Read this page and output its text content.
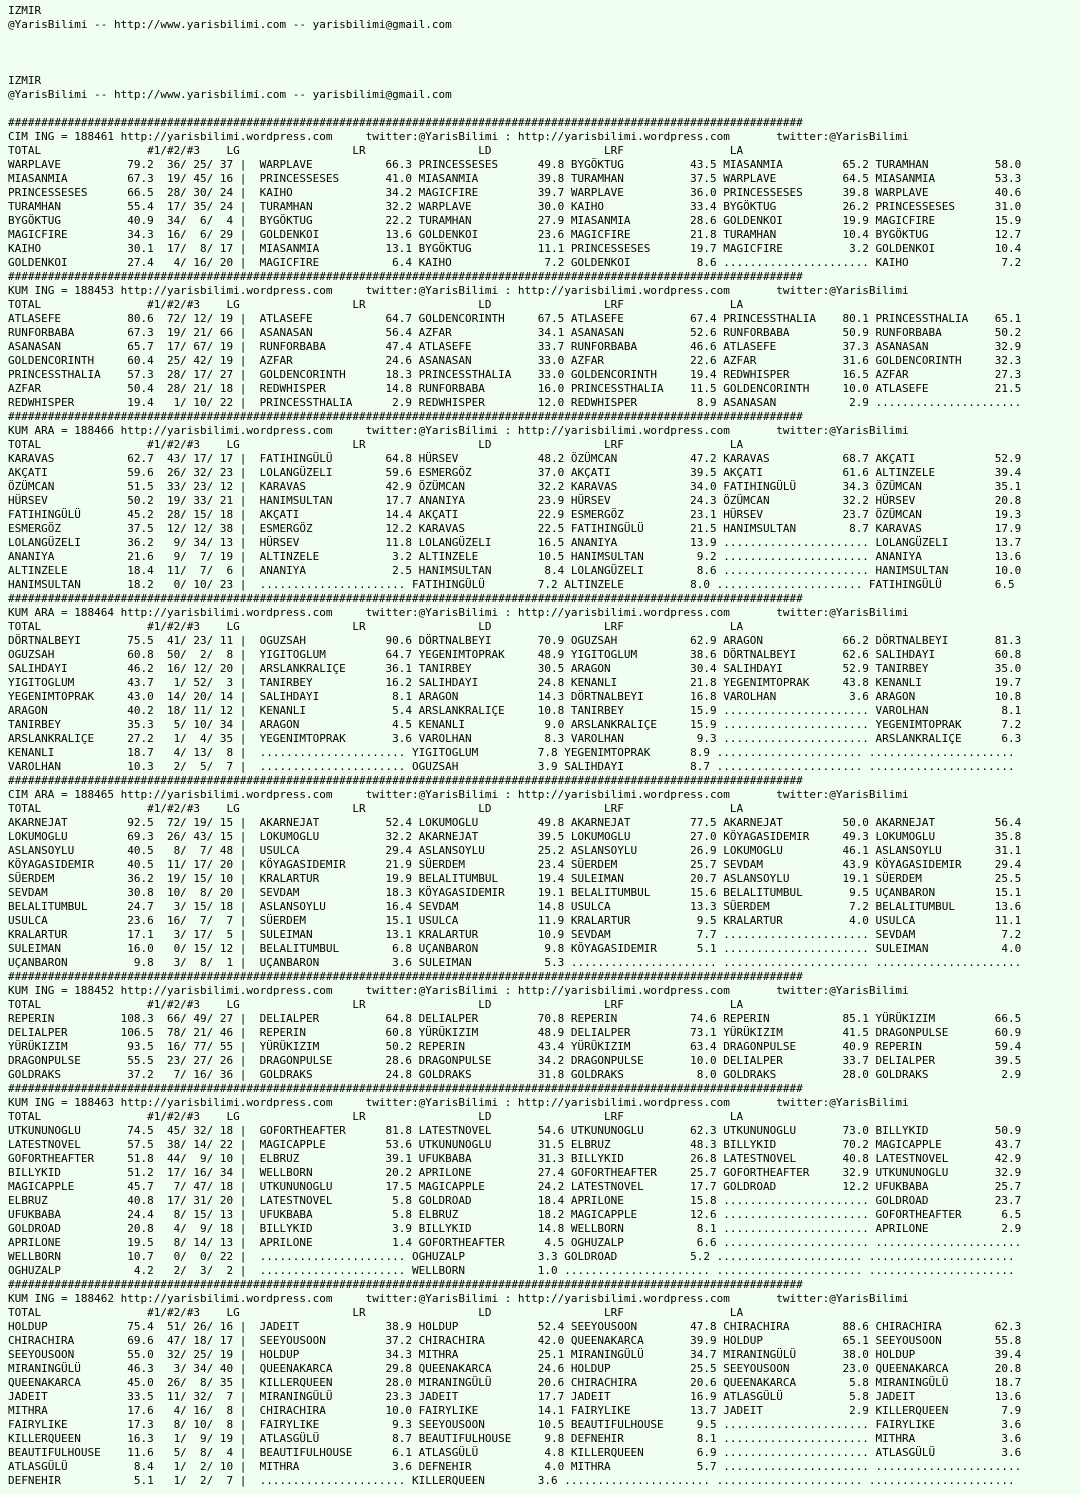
IZMIR
@YarisBilimi -- http://www.yarisbilimi.com -- yarisbilimi@gmail.com
IZMIR
@YarisBilimi -- http://www.yarisbilimi.com -- yarisbilimi@gmail.com
########################################################################################################################
CIM ING = 188461 http://yarisbilimi.wordpress.com     twitter:@YarisBilimi : http://yarisbilimi.wordpress.com       twitter:@YarisBilimi
TOTAL                #1/#2/#3    LG                 LR                 LD                 LRF                LA
WARPLAVE          79.2  36/ 25/ 37 |  WARPLAVE           66.3 PRINCESSESES      49.8 BYGÖKTUG          43.5 MIASANMIA         65.2 TURAMHAN          58.0
MIASANMIA         67.3  19/ 45/ 16 |  PRINCESSESES       41.0 MIASANMIA         39.8 TURAMHAN          37.5 WARPLAVE          64.5 MIASANMIA         53.3
PRINCESSESES      66.5  28/ 30/ 24 |  KAIHO              34.2 MAGICFIRE         39.7 WARPLAVE          36.0 PRINCESSESES      39.8 WARPLAVE          40.6
TURAMHAN          55.4  17/ 35/ 24 |  TURAMHAN           32.2 WARPLAVE          30.0 KAIHO             33.4 BYGÖKTUG          26.2 PRINCESSESES      31.0
BYGÖKTUG          40.9  34/  6/  4 |  BYGÖKTUG           22.2 TURAMHAN          27.9 MIASANMIA         28.6 GOLDENKOI         19.9 MAGICFIRE         15.9
MAGICFIRE         34.3  16/  6/ 29 |  GOLDENKOI          13.6 GOLDENKOI         23.6 MAGICFIRE         21.8 TURAMHAN          10.4 BYGÖKTUG          12.7
KAIHO             30.1  17/  8/ 17 |  MIASANMIA          13.1 BYGÖKTUG          11.1 PRINCESSESES      19.7 MAGICFIRE          3.2 GOLDENKOI         10.4
GOLDENKOI         27.4   4/ 16/ 20 |  MAGICFIRE           6.4 KAIHO              7.2 GOLDENKOI          8.6 ...................... KAIHO              7.2
########################################################################################################################
KUM ING = 188453 http://yarisbilimi.wordpress.com     twitter:@YarisBilimi : http://yarisbilimi.wordpress.com       twitter:@YarisBilimi
TOTAL                #1/#2/#3    LG                 LR                 LD                 LRF                LA
ATLASEFE          80.6  72/ 12/ 19 |  ATLASEFE           64.7 GOLDENCORINTH     67.5 ATLASEFE          67.4 PRINCESSTHALIA    80.1 PRINCESSTHALIA    65.1
RUNFORBABA        67.3  19/ 21/ 66 |  ASANASAN           56.4 AZFAR             34.1 ASANASAN          52.6 RUNFORBABA        50.9 RUNFORBABA        50.2
ASANASAN          65.7  17/ 67/ 19 |  RUNFORBABA         47.4 ATLASEFE          33.7 RUNFORBABA        46.6 ATLASEFE          37.3 ASANASAN          32.9
GOLDENCORINTH     60.4  25/ 42/ 19 |  AZFAR              24.6 ASANASAN          33.0 AZFAR             22.6 AZFAR             31.6 GOLDENCORINTH     32.3
PRINCESSTHALIA    57.3  28/ 17/ 27 |  GOLDENCORINTH      18.3 PRINCESSTHALIA    33.0 GOLDENCORINTH     19.4 REDWHISPER        16.5 AZFAR             27.3
AZFAR             50.4  28/ 21/ 18 |  REDWHISPER         14.8 RUNFORBABA        16.0 PRINCESSTHALIA    11.5 GOLDENCORINTH     10.0 ATLASEFE          21.5
REDWHISPER        19.4   1/ 10/ 22 |  PRINCESSTHALIA      2.9 REDWHISPER        12.0 REDWHISPER         8.9 ASANASAN           2.9 ......................
########################################################################################################################
KUM ARA = 188466 http://yarisbilimi.wordpress.com     twitter:@YarisBilimi : http://yarisbilimi.wordpress.com       twitter:@YarisBilimi
TOTAL                #1/#2/#3    LG                 LR                 LD                 LRF                LA
KARAVAS           62.7  43/ 17/ 17 |  FATIHINGÜLÜ        64.8 HÜRSEV            48.2 ÖZÜMCAN           47.2 KARAVAS           68.7 AKÇATI            52.9
AKÇATI            59.6  26/ 32/ 23 |  LOLANGÜZELI        59.6 ESMERGÖZ          37.0 AKÇATI            39.5 AKÇATI            61.6 ALTINZELE         39.4
ÖZÜMCAN           51.5  33/ 23/ 12 |  KARAVAS            42.9 ÖZÜMCAN           32.2 KARAVAS           34.0 FATIHINGÜLÜ       34.3 ÖZÜMCAN           35.1
HÜRSEV            50.2  19/ 33/ 21 |  HANIMSULTAN        17.7 ANANIYA           23.9 HÜRSEV            24.3 ÖZÜMCAN           32.2 HÜRSEV            20.8
FATIHINGÜLÜ       45.2  28/ 15/ 18 |  AKÇATI             14.4 AKÇATI            22.9 ESMERGÖZ          23.1 HÜRSEV            23.7 ÖZÜMCAN           19.3
ESMERGÖZ          37.5  12/ 12/ 38 |  ESMERGÖZ           12.2 KARAVAS           22.5 FATIHINGÜLÜ       21.5 HANIMSULTAN        8.7 KARAVAS           17.9
LOLANGÜZELI       36.2   9/ 34/ 13 |  HÜRSEV             11.8 LOLANGÜZELI       16.5 ANANIYA           13.9 ...................... LOLANGÜZELI       13.7
ANANIYA           21.6   9/  7/ 19 |  ALTINZELE           3.2 ALTINZELE         10.5 HANIMSULTAN        9.2 ...................... ANANIYA           13.6
ALTINZELE         18.4  11/  7/  6 |  ANANIYA             2.5 HANIMSULTAN        8.4 LOLANGÜZELI        8.6 ...................... HANIMSULTAN       10.0
HANIMSULTAN       18.2   0/ 10/ 23 |  ...................... FATIHINGÜLÜ        7.2 ALTINZELE          8.0 ...................... FATIHINGÜLÜ        6.5
########################################################################################################################
KUM ARA = 188464 http://yarisbilimi.wordpress.com     twitter:@YarisBilimi : http://yarisbilimi.wordpress.com       twitter:@YarisBilimi
TOTAL                #1/#2/#3    LG                 LR                 LD                 LRF                LA
DÖRTNALBEYI       75.5  41/ 23/ 11 |  OGUZSAH            90.6 DÖRTNALBEYI       70.9 OGUZSAH           62.9 ARAGON            66.2 DÖRTNALBEYI       81.3
OGUZSAH           60.8  50/  2/  8 |  YIGITOGLUM         64.7 YEGENIMTOPRAK     48.9 YIGITOGLUM        38.6 DÖRTNALBEYI       62.6 SALIHDAYI         60.8
SALIHDAYI         46.2  16/ 12/ 20 |  ARSLANKRALIÇE      36.1 TANIRBEY          30.5 ARAGON            30.4 SALIHDAYI         52.9 TANIRBEY          35.0
YIGITOGLUM        43.7   1/ 52/  3 |  TANIRBEY           16.2 SALIHDAYI         24.8 KENANLI           21.8 YEGENIMTOPRAK     43.8 KENANLI           19.7
YEGENIMTOPRAK     43.0  14/ 20/ 14 |  SALIHDAYI           8.1 ARAGON            14.3 DÖRTNALBEYI       16.8 VAROLHAN           3.6 ARAGON            10.8
ARAGON            40.2  18/ 11/ 12 |  KENANLI             5.4 ARSLANKRALIÇE     10.8 TANIRBEY          15.9 ...................... VAROLHAN           8.1
TANIRBEY          35.3   5/ 10/ 34 |  ARAGON              4.5 KENANLI            9.0 ARSLANKRALIÇE     15.9 ...................... YEGENIMTOPRAK      7.2
ARSLANKRALIÇE     27.2   1/  4/ 35 |  YEGENIMTOPRAK       3.6 VAROLHAN           8.3 VAROLHAN           9.3 ...................... ARSLANKRALIÇE      6.3
KENANLI           18.7   4/ 13/  8 |  ...................... YIGITOGLUM         7.8 YEGENIMTOPRAK      8.9 ...................... ......................
VAROLHAN          10.3   2/  5/  7 |  ...................... OGUZSAH            3.9 SALIHDAYI          8.7 ...................... ......................
########################################################################################################################
CIM ARA = 188465 http://yarisbilimi.wordpress.com     twitter:@YarisBilimi : http://yarisbilimi.wordpress.com       twitter:@YarisBilimi
TOTAL                #1/#2/#3    LG                 LR                 LD                 LRF                LA
AKARNEJAT         92.5  72/ 19/ 15 |  AKARNEJAT          52.4 LOKUMOGLU         49.8 AKARNEJAT         77.5 AKARNEJAT         50.0 AKARNEJAT         56.4
LOKUMOGLU         69.3  26/ 43/ 15 |  LOKUMOGLU          32.2 AKARNEJAT         39.5 LOKUMOGLU         27.0 KÖYAGASIDEMIR     49.3 LOKUMOGLU         35.8
ASLANSOYLU        40.5   8/  7/ 48 |  USULCA             29.4 ASLANSOYLU        25.2 ASLANSOYLU        26.9 LOKUMOGLU         46.1 ASLANSOYLU        31.1
KÖYAGASIDEMIR     40.5  11/ 17/ 20 |  KÖYAGASIDEMIR      21.9 SÜERDEM           23.4 SÜERDEM           25.7 SEVDAM            43.9 KÖYAGASIDEMIR     29.4
SÜERDEM           36.2  19/ 15/ 10 |  KRALARTUR          19.9 BELALITUMBUL      19.4 SULEIMAN          20.7 ASLANSOYLU        19.1 SÜERDEM           25.5
SEVDAM            30.8  10/  8/ 20 |  SEVDAM             18.3 KÖYAGASIDEMIR     19.1 BELALITUMBUL      15.6 BELALITUMBUL       9.5 UÇANBARON         15.1
BELALITUMBUL      24.7   3/ 15/ 18 |  ASLANSOYLU         16.4 SEVDAM            14.8 USULCA            13.3 SÜERDEM            7.2 BELALITUMBUL      13.6
USULCA            23.6  16/  7/  7 |  SÜERDEM            15.1 USULCA            11.9 KRALARTUR          9.5 KRALARTUR          4.0 USULCA            11.1
KRALARTUR         17.1   3/ 17/  5 |  SULEIMAN           13.1 KRALARTUR         10.9 SEVDAM             7.7 ...................... SEVDAM             7.2
SULEIMAN          16.0   0/ 15/ 12 |  BELALITUMBUL        6.8 UÇANBARON          9.8 KÖYAGASIDEMIR      5.1 ...................... SULEIMAN           4.0
UÇANBARON          9.8   3/  8/  1 |  UÇANBARON           3.6 SULEIMAN           5.3 ...................... ...................... ......................
########################################################################################################################
KUM ING = 188452 http://yarisbilimi.wordpress.com     twitter:@YarisBilimi : http://yarisbilimi.wordpress.com       twitter:@YarisBilimi
TOTAL                #1/#2/#3    LG                 LR                 LD                 LRF                LA
REPERIN          108.3  66/ 49/ 27 |  DELIALPER          64.8 DELIALPER         70.8 REPERIN           74.6 REPERIN           85.1 YÜRÜKIZIM         66.5
DELIALPER        106.5  78/ 21/ 46 |  REPERIN            60.8 YÜRÜKIZIM         48.9 DELIALPER         73.1 YÜRÜKIZIM         41.5 DRAGONPULSE       60.9
YÜRÜKIZIM         93.5  16/ 77/ 55 |  YÜRÜKIZIM          50.2 REPERIN           43.4 YÜRÜKIZIM         63.4 DRAGONPULSE       40.9 REPERIN           59.4
DRAGONPULSE       55.5  23/ 27/ 26 |  DRAGONPULSE        28.6 DRAGONPULSE       34.2 DRAGONPULSE       10.0 DELIALPER         33.7 DELIALPER         39.5
GOLDRAKS          37.2   7/ 16/ 36 |  GOLDRAKS           24.8 GOLDRAKS          31.8 GOLDRAKS           8.0 GOLDRAKS          28.0 GOLDRAKS           2.9
########################################################################################################################
KUM ING = 188463 http://yarisbilimi.wordpress.com     twitter:@YarisBilimi : http://yarisbilimi.wordpress.com       twitter:@YarisBilimi
TOTAL                #1/#2/#3    LG                 LR                 LD                 LRF                LA
UTKUNUNOGLU       74.5  45/ 32/ 18 |  GOFORTHEAFTER      81.8 LATESTNOVEL       54.6 UTKUNUNOGLU       62.3 UTKUNUNOGLU       73.0 BILLYKID          50.9
LATESTNOVEL       57.5  38/ 14/ 22 |  MAGICAPPLE         53.6 UTKUNUNOGLU       31.5 ELBRUZ            48.3 BILLYKID          70.2 MAGICAPPLE        43.7
GOFORTHEAFTER     51.8  44/  9/ 10 |  ELBRUZ             39.1 UFUKBABA          31.3 BILLYKID          26.8 LATESTNOVEL       40.8 LATESTNOVEL       42.9
BILLYKID          51.2  17/ 16/ 34 |  WELLBORN           20.2 APRILONE          27.4 GOFORTHEAFTER     25.7 GOFORTHEAFTER     32.9 UTKUNUNOGLU       32.9
MAGICAPPLE        45.7   7/ 47/ 18 |  UTKUNUNOGLU        17.5 MAGICAPPLE        24.2 LATESTNOVEL       17.7 GOLDROAD          12.2 UFUKBABA          25.7
ELBRUZ            40.8  17/ 31/ 20 |  LATESTNOVEL         5.8 GOLDROAD          18.4 APRILONE          15.8 ...................... GOLDROAD          23.7
UFUKBABA          24.4   8/ 15/ 13 |  UFUKBABA            5.8 ELBRUZ            18.2 MAGICAPPLE        12.6 ...................... GOFORTHEAFTER      6.5
GOLDROAD          20.8   4/  9/ 18 |  BILLYKID            3.9 BILLYKID          14.8 WELLBORN           8.1 ...................... APRILONE           2.9
APRILONE          19.5   8/ 14/ 13 |  APRILONE            1.4 GOFORTHEAFTER      4.5 OGHUZALP           6.6 ...................... ......................
WELLBORN          10.7   0/  0/ 22 |  ...................... OGHUZALP           3.3 GOLDROAD           5.2 ...................... ......................
OGHUZALP           4.2   2/  3/  2 |  ...................... WELLBORN           1.0 ...................... ...................... ......................
########################################################################################################################
KUM ING = 188462 http://yarisbilimi.wordpress.com     twitter:@YarisBilimi : http://yarisbilimi.wordpress.com       twitter:@YarisBilimi
TOTAL                #1/#2/#3    LG                 LR                 LD                 LRF                LA
HOLDUP            75.4  51/ 26/ 16 |  JADEIT             38.9 HOLDUP            52.4 SEEYOUSOON        47.8 CHIRACHIRA        88.6 CHIRACHIRA        62.3
CHIRACHIRA        69.6  47/ 18/ 17 |  SEEYOUSOON         37.2 CHIRACHIRA        42.0 QUEENAKARCA       39.9 HOLDUP            65.1 SEEYOUSOON        55.8
SEEYOUSOON        55.0  32/ 25/ 19 |  HOLDUP             34.3 MITHRA            25.1 MIRANINGÜLÜ       34.7 MIRANINGÜLÜ       38.0 HOLDUP            39.4
MIRANINGÜLÜ       46.3   3/ 34/ 40 |  QUEENAKARCA        29.8 QUEENAKARCA       24.6 HOLDUP            25.5 SEEYOUSOON        23.0 QUEENAKARCA       20.8
QUEENAKARCA       45.0  26/  8/ 35 |  KILLERQUEEN        28.0 MIRANINGÜLÜ       20.6 CHIRACHIRA        20.6 QUEENAKARCA        5.8 MIRANINGÜLÜ       18.7
JADEIT            33.5  11/ 32/  7 |  MIRANINGÜLÜ        23.3 JADEIT            17.7 JADEIT            16.9 ATLASGÜLÜ          5.8 JADEIT            13.6
MITHRA            17.6   4/ 16/  8 |  CHIRACHIRA         10.0 FAIRYLIKE         14.1 FAIRYLIKE         13.7 JADEIT             2.9 KILLERQUEEN        7.9
FAIRYLIKE         17.3   8/ 10/  8 |  FAIRYLIKE           9.3 SEEYOUSOON        10.5 BEAUTIFULHOUSE     9.5 ...................... FAIRYLIKE          3.6
KILLERQUEEN       16.3   1/  9/ 19 |  ATLASGÜLÜ           8.7 BEAUTIFULHOUSE     9.8 DEFNEHIR           8.1 ...................... MITHRA             3.6
BEAUTIFULHOUSE    11.6   5/  8/  4 |  BEAUTIFULHOUSE      6.1 ATLASGÜLÜ          4.8 KILLERQUEEN        6.9 ...................... ATLASGÜLÜ          3.6
ATLASGÜLÜ          8.4   1/  2/ 10 |  MITHRA              3.6 DEFNEHIR           4.0 MITHRA             5.7 ...................... ......................
DEFNEHIR           5.1   1/  2/  7 |  ...................... KILLERQUEEN        3.6 ...................... ...................... ......................
